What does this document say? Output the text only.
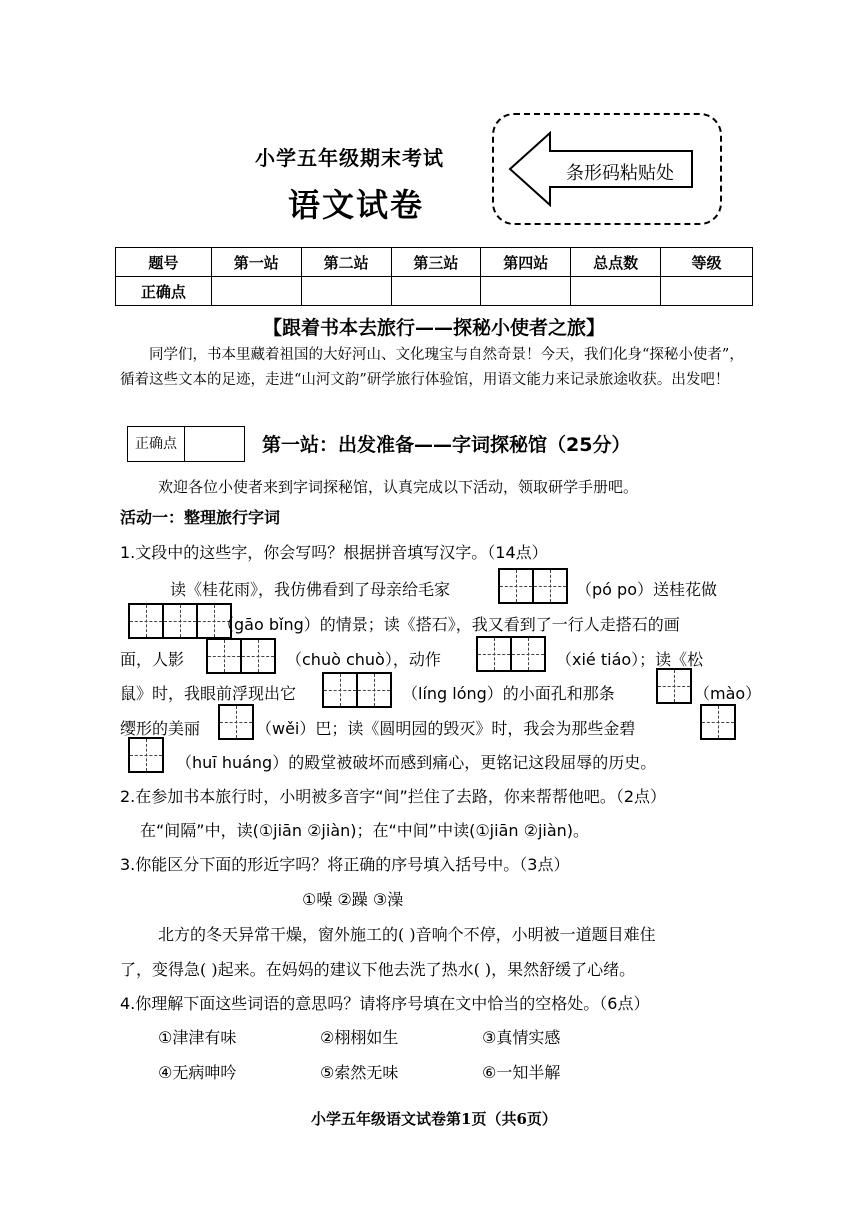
小学五年级期末考试
语文试卷
条形码粘贴处
题号	第一站	第二站	第三站	第四站	总点数	等级
正确点						
【跟着书本去旅行——探秘小使者之旅】
同学们，书本里藏着祖国的大好河山、文化瑰宝与自然奇景！今天，我们化身“探秘小使者”，循着这些文本的足迹，走进“山河文韵”研学旅行体验馆，用语文能力来记录旅途收获。出发吧！
正确点	第一站：出发准备——字词探秘馆（25分）
欢迎各位小使者来到字词探秘馆，认真完成以下活动，领取研学手册吧。
活动一：整理旅行字词
1.文段中的这些字，你会写吗？根据拼音填写汉字。（14点）
读《桂花雨》，我仿佛看到了母亲给毛家	（pó po）送桂花做
（gāo bǐng）的情景；读《搭石》，我又看到了一行人走搭石的画
面，人影	（chuò chuò），动作	（xié tiáo）；读《松
鼠》时，我眼前浮现出它	（líng lóng）的小面孔和那条	（mào）
缨形的美丽	（wěi）巴；读《圆明园的毁灭》时，我会为那些金碧
（huī huáng）的殿堂被破坏而感到痛心，更铭记这段屈辱的历史。
2.在参加书本旅行时，小明被多音字“间”拦住了去路，你来帮帮他吧。（2点）
在“间隔”中，读(①jiān ②jiàn)；在“中间”中读(①jiān ②jiàn)。
3.你能区分下面的形近字吗？将正确的序号填入括号中。（3点）
①噪 ②躁 ③澡
北方的冬天异常干燥，窗外施工的( )音响个不停，小明被一道题目难住
了，变得急( )起来。在妈妈的建议下他去洗了热水( )，果然舒缓了心绪。
4.你理解下面这些词语的意思吗？请将序号填在文中恰当的空格处。（6点）
①津津有味	②栩栩如生	③真情实感
④无病呻吟	⑤索然无味	⑥一知半解
小学五年级语文试卷第1页（共6页）
